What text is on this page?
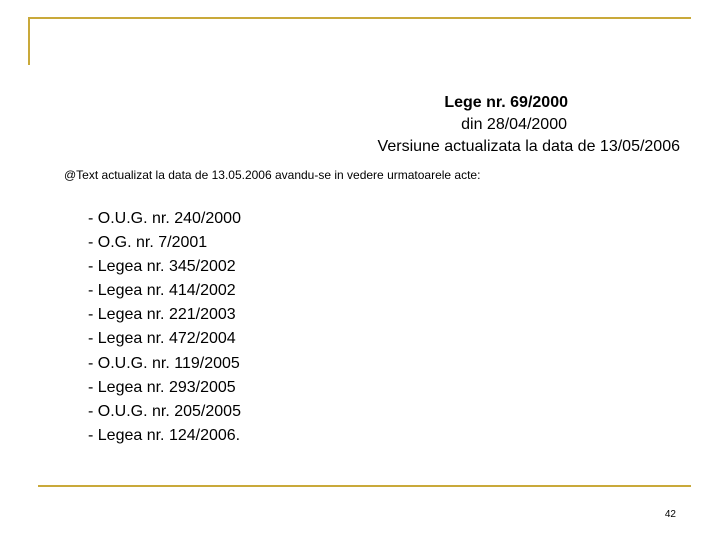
Lege nr. 69/2000
din 28/04/2000
Versiune actualizata la data de 13/05/2006
@Text actualizat la data de 13.05.2006 avandu-se in vedere urmatoarele acte:
- O.U.G. nr. 240/2000
- O.G. nr. 7/2001
- Legea nr. 345/2002
- Legea nr. 414/2002
- Legea nr. 221/2003
- Legea nr. 472/2004
- O.U.G. nr. 119/2005
- Legea nr. 293/2005
- O.U.G. nr. 205/2005
- Legea nr. 124/2006.
42
